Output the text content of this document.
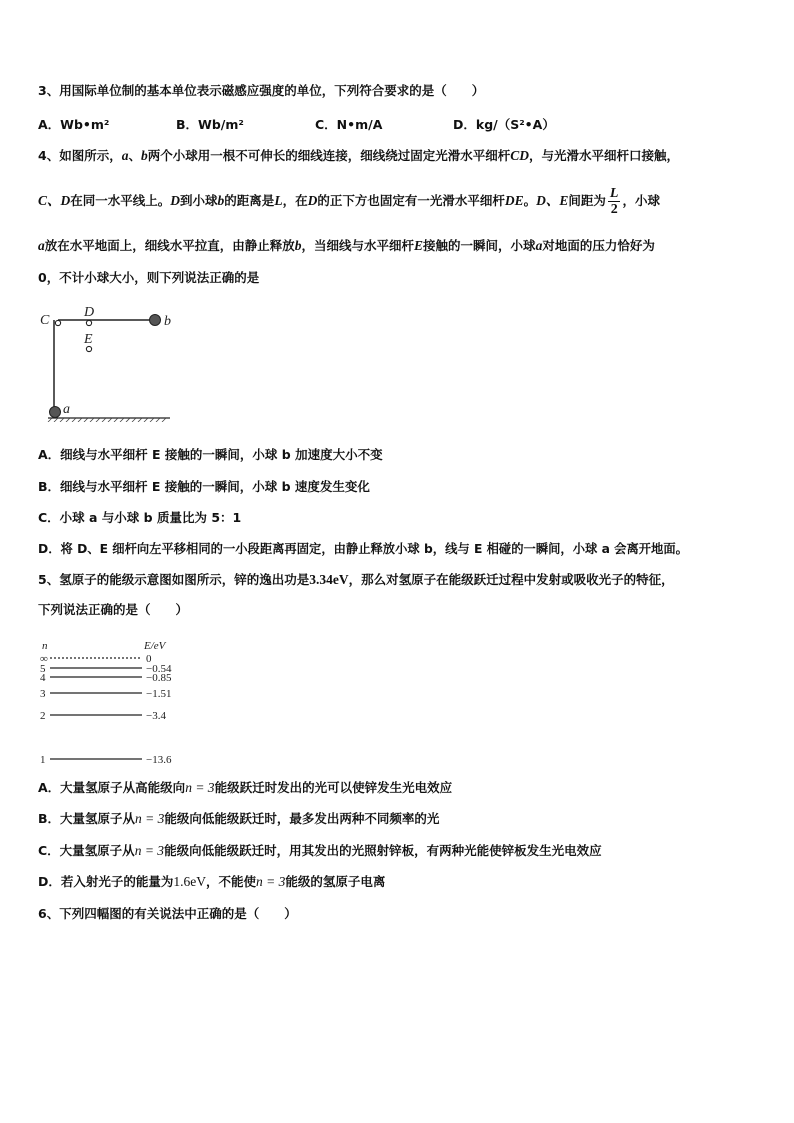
3、用国际单位制的基本单位表示磁感应强度的单位，下列符合要求的是（　　）
A．Wb•m²	B．Wb/m²	C．N•m/A	D．kg/（S²•A）
4、如图所示，a、b两个小球用一根不可伸长的细线连接，细线绕过固定光滑水平细杆CD，与光滑水平细杆口接触，
C、D在同一水平线上。D到小球b的距离是L，在D的正下方也固定有一光滑水平细杆DE。D、E间距为 $\frac{L}{2}$ ，小球
a放在水平地面上，细线水平拉直，由静止释放b，当细线与水平细杆E接触的一瞬间，小球a对地面的压力恰好为
0，不计小球大小，则下列说法正确的是
C
D
E
b
a
A．细线与水平细杆 E 接触的一瞬间，小球 b 加速度大小不变
B．细线与水平细杆 E 接触的一瞬间，小球 b 速度发生变化
C．小球 a 与小球 b 质量比为 5：1
D．将 D、E 细杆向左平移相同的一小段距离再固定，由静止释放小球 b，线与 E 相碰的一瞬间，小球 a 会离开地面。
5、氢原子的能级示意图如图所示，锌的逸出功是3.34eV，那么对氢原子在能级跃迁过程中发射或吸收光子的特征，
下列说法正确的是（　　）
n	E/eV
∞	0
5	−0.54
4	−0.85
3	−1.51
2	−3.4
1	−13.6
A．大量氢原子从高能级向n = 3能级跃迁时发出的光可以使锌发生光电效应
B．大量氢原子从n = 3能级向低能级跃迁时，最多发出两种不同频率的光
C．大量氢原子从n = 3能级向低能级跃迁时，用其发出的光照射锌板，有两种光能使锌板发生光电效应
D．若入射光子的能量为1.6eV，不能使n = 3能级的氢原子电离
6、下列四幅图的有关说法中正确的是（　　）
